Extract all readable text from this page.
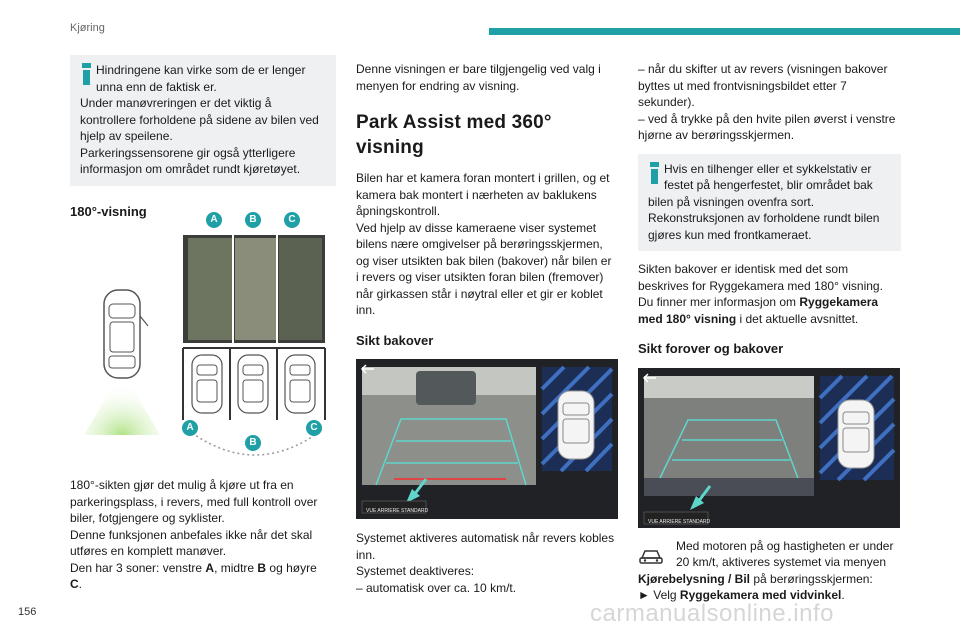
Kjøring

Hindringene kan virke som de er lenger

unna enn de faktisk er.

Under manøvreringen er det viktig å

kontrollere forholdene på sidene av bilen ved

hjelp av speilene.

Parkeringssensorene gir også ytterligere

informasjon om området rundt kjøretøyet.

180°-visning
A	B	C
A
B
C

180°-sikten gjør det mulig å kjøre ut fra en

parkeringsplass, i revers, med full kontroll over

biler, fotgjengere og syklister.

Denne funksjonen anbefales ikke når det skal

utføres en komplett manøver.

Den har 3 soner: venstre A, midtre B og høyre

C.

Denne visningen er bare tilgjengelig ved valg i

menyen for endring av visning.

Park Assist med 360°
visning

Bilen har et kamera foran montert i grillen, og et

kamera bak montert i nærheten av baklukens

åpningskontroll.

Ved hjelp av disse kameraene viser systemet

bilens nære omgivelser på berøringsskjermen,

og viser utsikten bak bilen (bakover) når bilen er

i revers og viser utsikten foran bilen (fremover)

når girkassen står i nøytral eller et gir er koblet

inn.

Sikt bakover
VUE ARRIERE STANDARD

Systemet aktiveres automatisk når revers kobles

inn.

Systemet deaktiveres:

– automatisk over ca. 10 km/t.

– når du skifter ut av revers (visningen bakover

byttes ut med frontvisningsbildet etter 7

sekunder).

– ved å trykke på den hvite pilen øverst i venstre

hjørne av berøringsskjermen.

Hvis en tilhenger eller et sykkelstativ er

festet på hengerfestet, blir området bak

bilen på visningen ovenfra sort.

Rekonstruksjonen av forholdene rundt bilen

gjøres kun med frontkameraet.

Sikten bakover er identisk med det som

beskrives for Ryggekamera med 180° visning.

Du finner mer informasjon om Ryggekamera

med 180° visning i det aktuelle avsnittet.

Sikt forover og bakover
VUE ARRIERE STANDARD

Med motoren på og hastigheten er under

20 km/t, aktiveres systemet via menyen

Kjørebelysning / Bil på berøringsskjermen:

► Velg Ryggekamera med vidvinkel.

156	carmanualsonline.info
